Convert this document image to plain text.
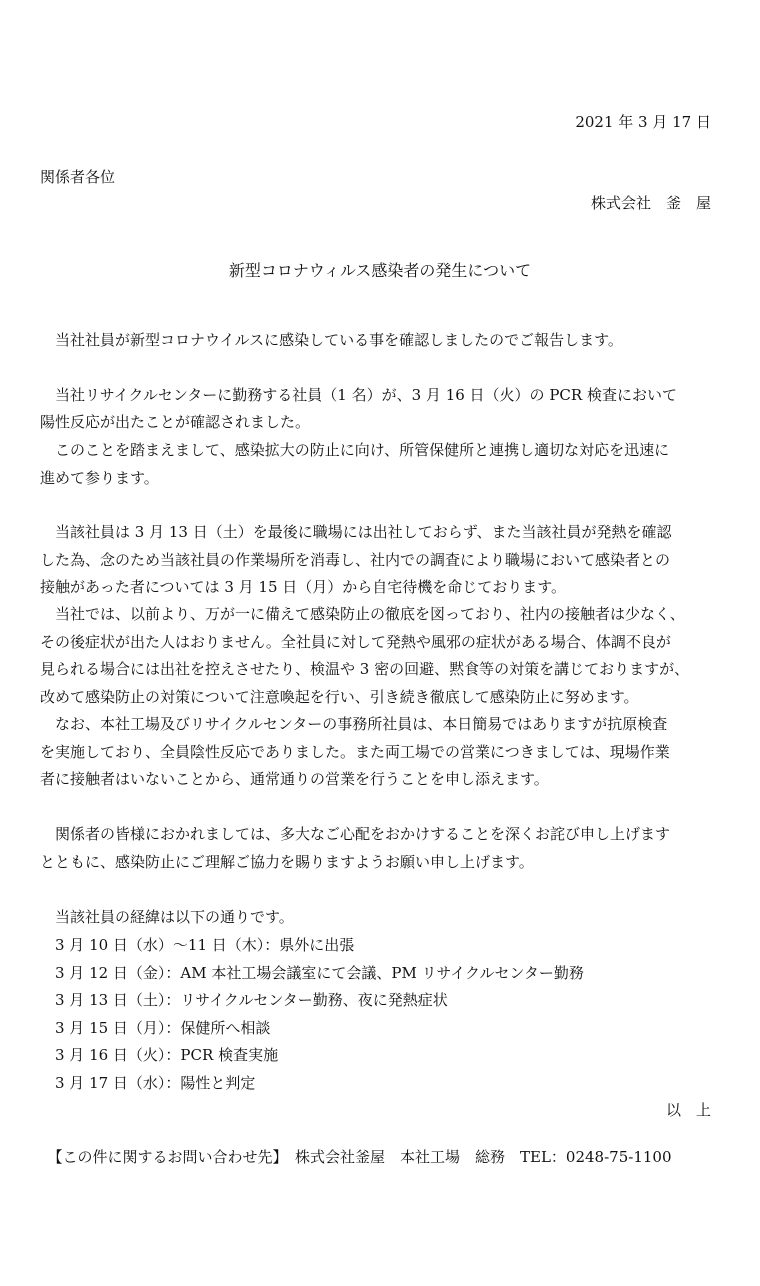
2021 年 3 月 17 日
関係者各位
株式会社　釜　屋
新型コロナウィルス感染者の発生について
　当社社員が新型コロナウイルスに感染している事を確認しましたのでご報告します。
　当社リサイクルセンターに勤務する社員（1 名）が、3 月 16 日（火）の PCR 検査において
陽性反応が出たことが確認されました。
　このことを踏まえまして、感染拡大の防止に向け、所管保健所と連携し適切な対応を迅速に
進めて参ります。
　当該社員は 3 月 13 日（土）を最後に職場には出社しておらず、また当該社員が発熱を確認
した為、念のため当該社員の作業場所を消毒し、社内での調査により職場において感染者との
接触があった者については 3 月 15 日（月）から自宅待機を命じております。
　当社では、以前より、万が一に備えて感染防止の徹底を図っており、社内の接触者は少なく、
その後症状が出た人はおりません。全社員に対して発熱や風邪の症状がある場合、体調不良が
見られる場合には出社を控えさせたり、検温や 3 密の回避、黙食等の対策を講じておりますが、
改めて感染防止の対策について注意喚起を行い、引き続き徹底して感染防止に努めます。
　なお、本社工場及びリサイクルセンターの事務所社員は、本日簡易ではありますが抗原検査
を実施しており、全員陰性反応でありました。また両工場での営業につきましては、現場作業
者に接触者はいないことから、通常通りの営業を行うことを申し添えます。
　関係者の皆様におかれましては、多大なご心配をおかけすることを深くお詫び申し上げます
とともに、感染防止にご理解ご協力を賜りますようお願い申し上げます。
　当該社員の経緯は以下の通りです。
　3 月 10 日（水）～11 日（木）：県外に出張
　3 月 12 日（金）：AM 本社工場会議室にて会議、PM リサイクルセンター勤務
　3 月 13 日（土）：リサイクルセンター勤務、夜に発熱症状
　3 月 15 日（月）：保健所へ相談
　3 月 16 日（火）：PCR 検査実施
　3 月 17 日（水）：陽性と判定
以　上
　【この件に関するお問い合わせ先】　株式会社釜屋　本社工場　総務　TEL：0248-75-1100
